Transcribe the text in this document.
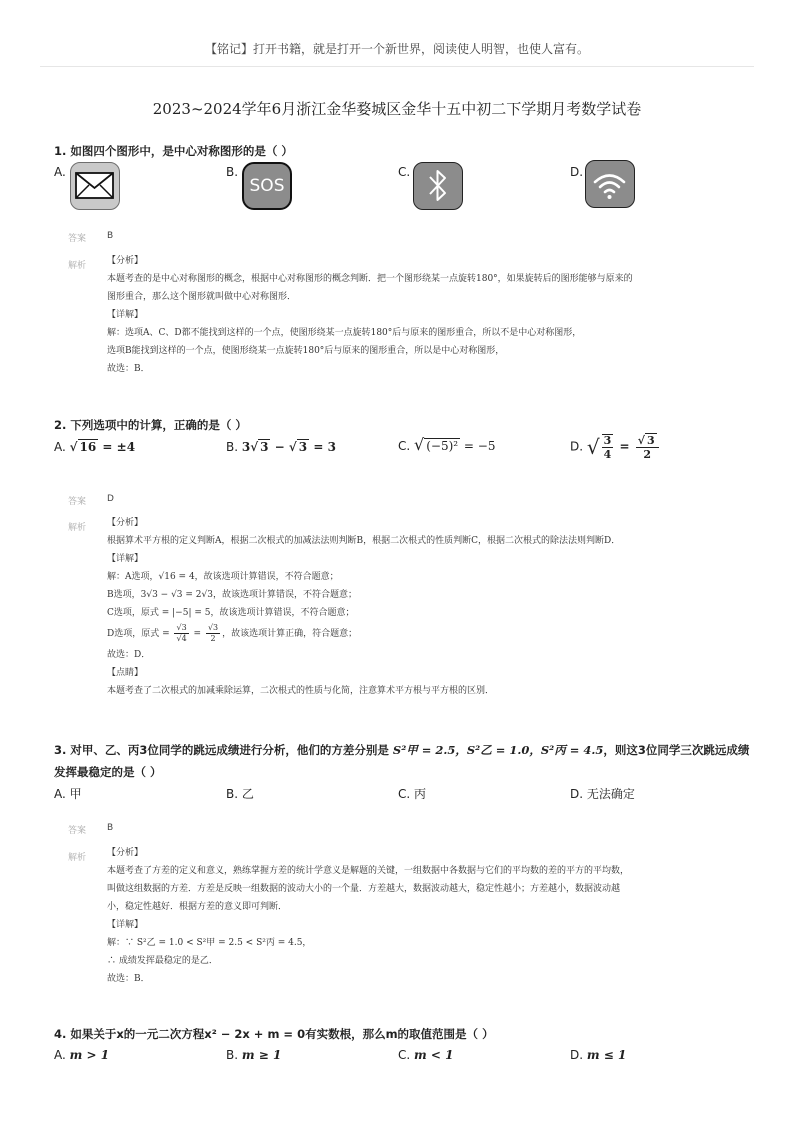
【铭记】打开书籍，就是打开一个新世界，阅读使人明智，也使人富有。
2023~2024学年6月浙江金华婺城区金华十五中初二下学期月考数学试卷
1. 如图四个图形中，是中心对称图形的是（ ）
A.	B.
SOS
C.	D.
答案 B
解析 【分析】
本题考查的是中心对称图形的概念，根据中心对称图形的概念判断．把一个图形绕某一点旋转180°，如果旋转后的图形能够与原来的
图形重合，那么这个图形就叫做中心对称图形．
【详解】
解：选项A、C、D都不能找到这样的一个点，使图形绕某一点旋转180°后与原来的图形重合，所以不是中心对称图形，
选项B能找到这样的一个点，使图形绕某一点旋转180°后与原来的图形重合，所以是中心对称图形，
故选：B．
2. 下列选项中的计算，正确的是（ ）
A. √ 16 = ±4	B. 3√ 3 − √ 3 = 3	C. √ (−5)² = −5	D. √ $\frac{3}{4} = \frac{√ 3}{2}$
答案 D
解析 【分析】
根据算术平方根的定义判断A，根据二次根式的加减法法则判断B，根据二次根式的性质判断C，根据二次根式的除法法则判断D．
【详解】
解：A选项，√16 = 4，故该选项计算错误，不符合题意；
B选项，3√3 − √3 = 2√3，故该选项计算错误，不符合题意；
C选项，原式 = |−5| = 5，故该选项计算错误，不符合题意；
D选项，原式 = $\frac{√3}{√4} = \frac{√3}{2}$ ，故该选项计算正确，符合题意；
故选：D．
【点睛】
本题考查了二次根式的加减乘除运算，二次根式的性质与化简，注意算术平方根与平方根的区别．
3. 对甲、乙、丙3位同学的跳远成绩进行分析，他们的方差分别是 S²甲 = 2.5，S²乙 = 1.0，S²丙 = 4.5，则这3位同学三次跳远成绩
发挥最稳定的是（ ）
A. 甲	B. 乙	C. 丙	D. 无法确定
答案 B
解析 【分析】
本题考查了方差的定义和意义，熟练掌握方差的统计学意义是解题的关键，一组数据中各数据与它们的平均数的差的平方的平均数，
叫做这组数据的方差．方差是反映一组数据的波动大小的一个量．方差越大，数据波动越大，稳定性越小；方差越小，数据波动越
小，稳定性越好．根据方差的意义即可判断．
【详解】
解：∵ S²乙 = 1.0 < S²甲 = 2.5 < S²丙 = 4.5，
∴ 成绩发挥最稳定的是乙．
故选：B．
4. 如果关于x的一元二次方程x² − 2x + m = 0有实数根，那么m的取值范围是（ ）
A. m > 1	B. m ≥ 1	C. m < 1	D. m ≤ 1
